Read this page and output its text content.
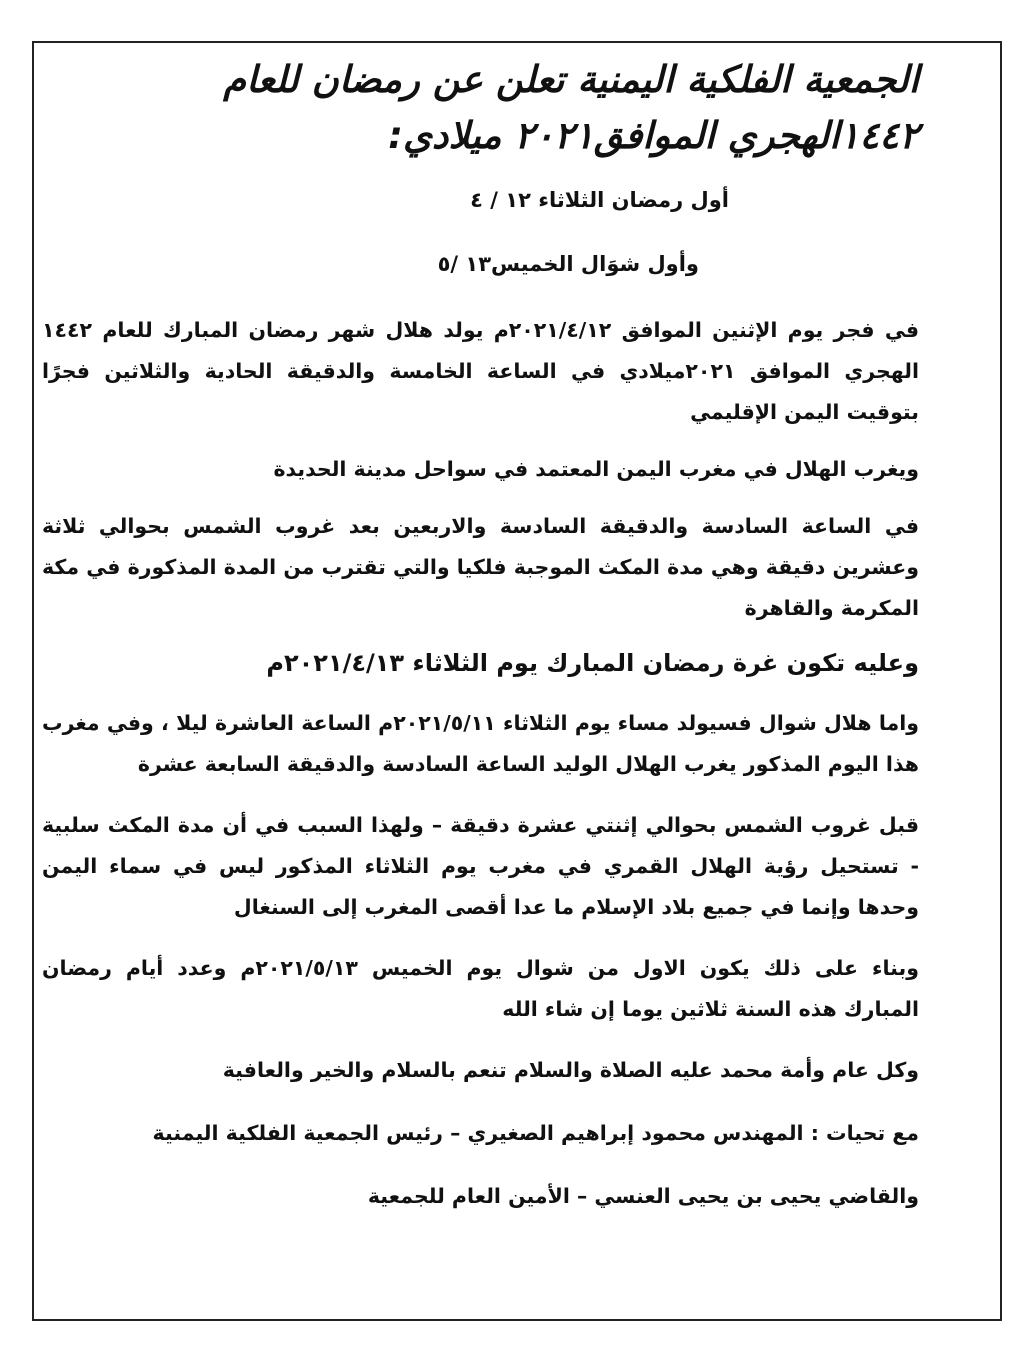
الجمعية الفلكية اليمنية تعلن عن رمضان للعام
١٤٤٢الهجري الموافق٢٠٢١ ميلادي:
أول رمضان الثلاثاء ١٢ / ٤
وأول شوَال الخميس١٣ /٥

في فجر يوم الإثنين الموافق ٢٠٢١/٤/١٢م يولد هلال شهر رمضان المبارك للعام ١٤٤٢ الهجري الموافق ٢٠٢١ميلادي في الساعة الخامسة والدقيقة الحادية والثلاثين فجرًا بتوقيت اليمن الإقليمي

ويغرب الهلال في مغرب اليمن المعتمد في سواحل مدينة الحديدة

في الساعة السادسة والدقيقة السادسة والاربعين بعد غروب الشمس بحوالي ثلاثة وعشرين دقيقة وهي مدة المكث الموجبة فلكيا والتي تقترب من المدة المذكورة في مكة المكرمة والقاهرة

وعليه تكون غرة رمضان المبارك يوم الثلاثاء ٢٠٢١/٤/١٣م

واما هلال شوال فسيولد مساء يوم الثلاثاء ٢٠٢١/٥/١١م الساعة العاشرة ليلا ، وفي مغرب هذا اليوم المذكور يغرب الهلال الوليد الساعة السادسة والدقيقة السابعة عشرة

قبل غروب الشمس بحوالي إثنتي عشرة دقيقة – ولهذا السبب في أن مدة المكث سلبية - تستحيل رؤية الهلال القمري في مغرب يوم الثلاثاء المذكور ليس في سماء اليمن وحدها وإنما في جميع بلاد الإسلام ما عدا أقصى المغرب إلى السنغال

وبناء على ذلك يكون الاول من شوال يوم الخميس ٢٠٢١/٥/١٣م وعدد أيام رمضان المبارك هذه السنة ثلاثين يوما إن شاء الله

وكل عام وأمة محمد عليه الصلاة والسلام تنعم بالسلام والخير والعافية

مع تحيات : المهندس محمود إبراهيم الصغيري – رئيس الجمعية الفلكية اليمنية

والقاضي يحيى بن يحيى العنسي – الأمين العام للجمعية
